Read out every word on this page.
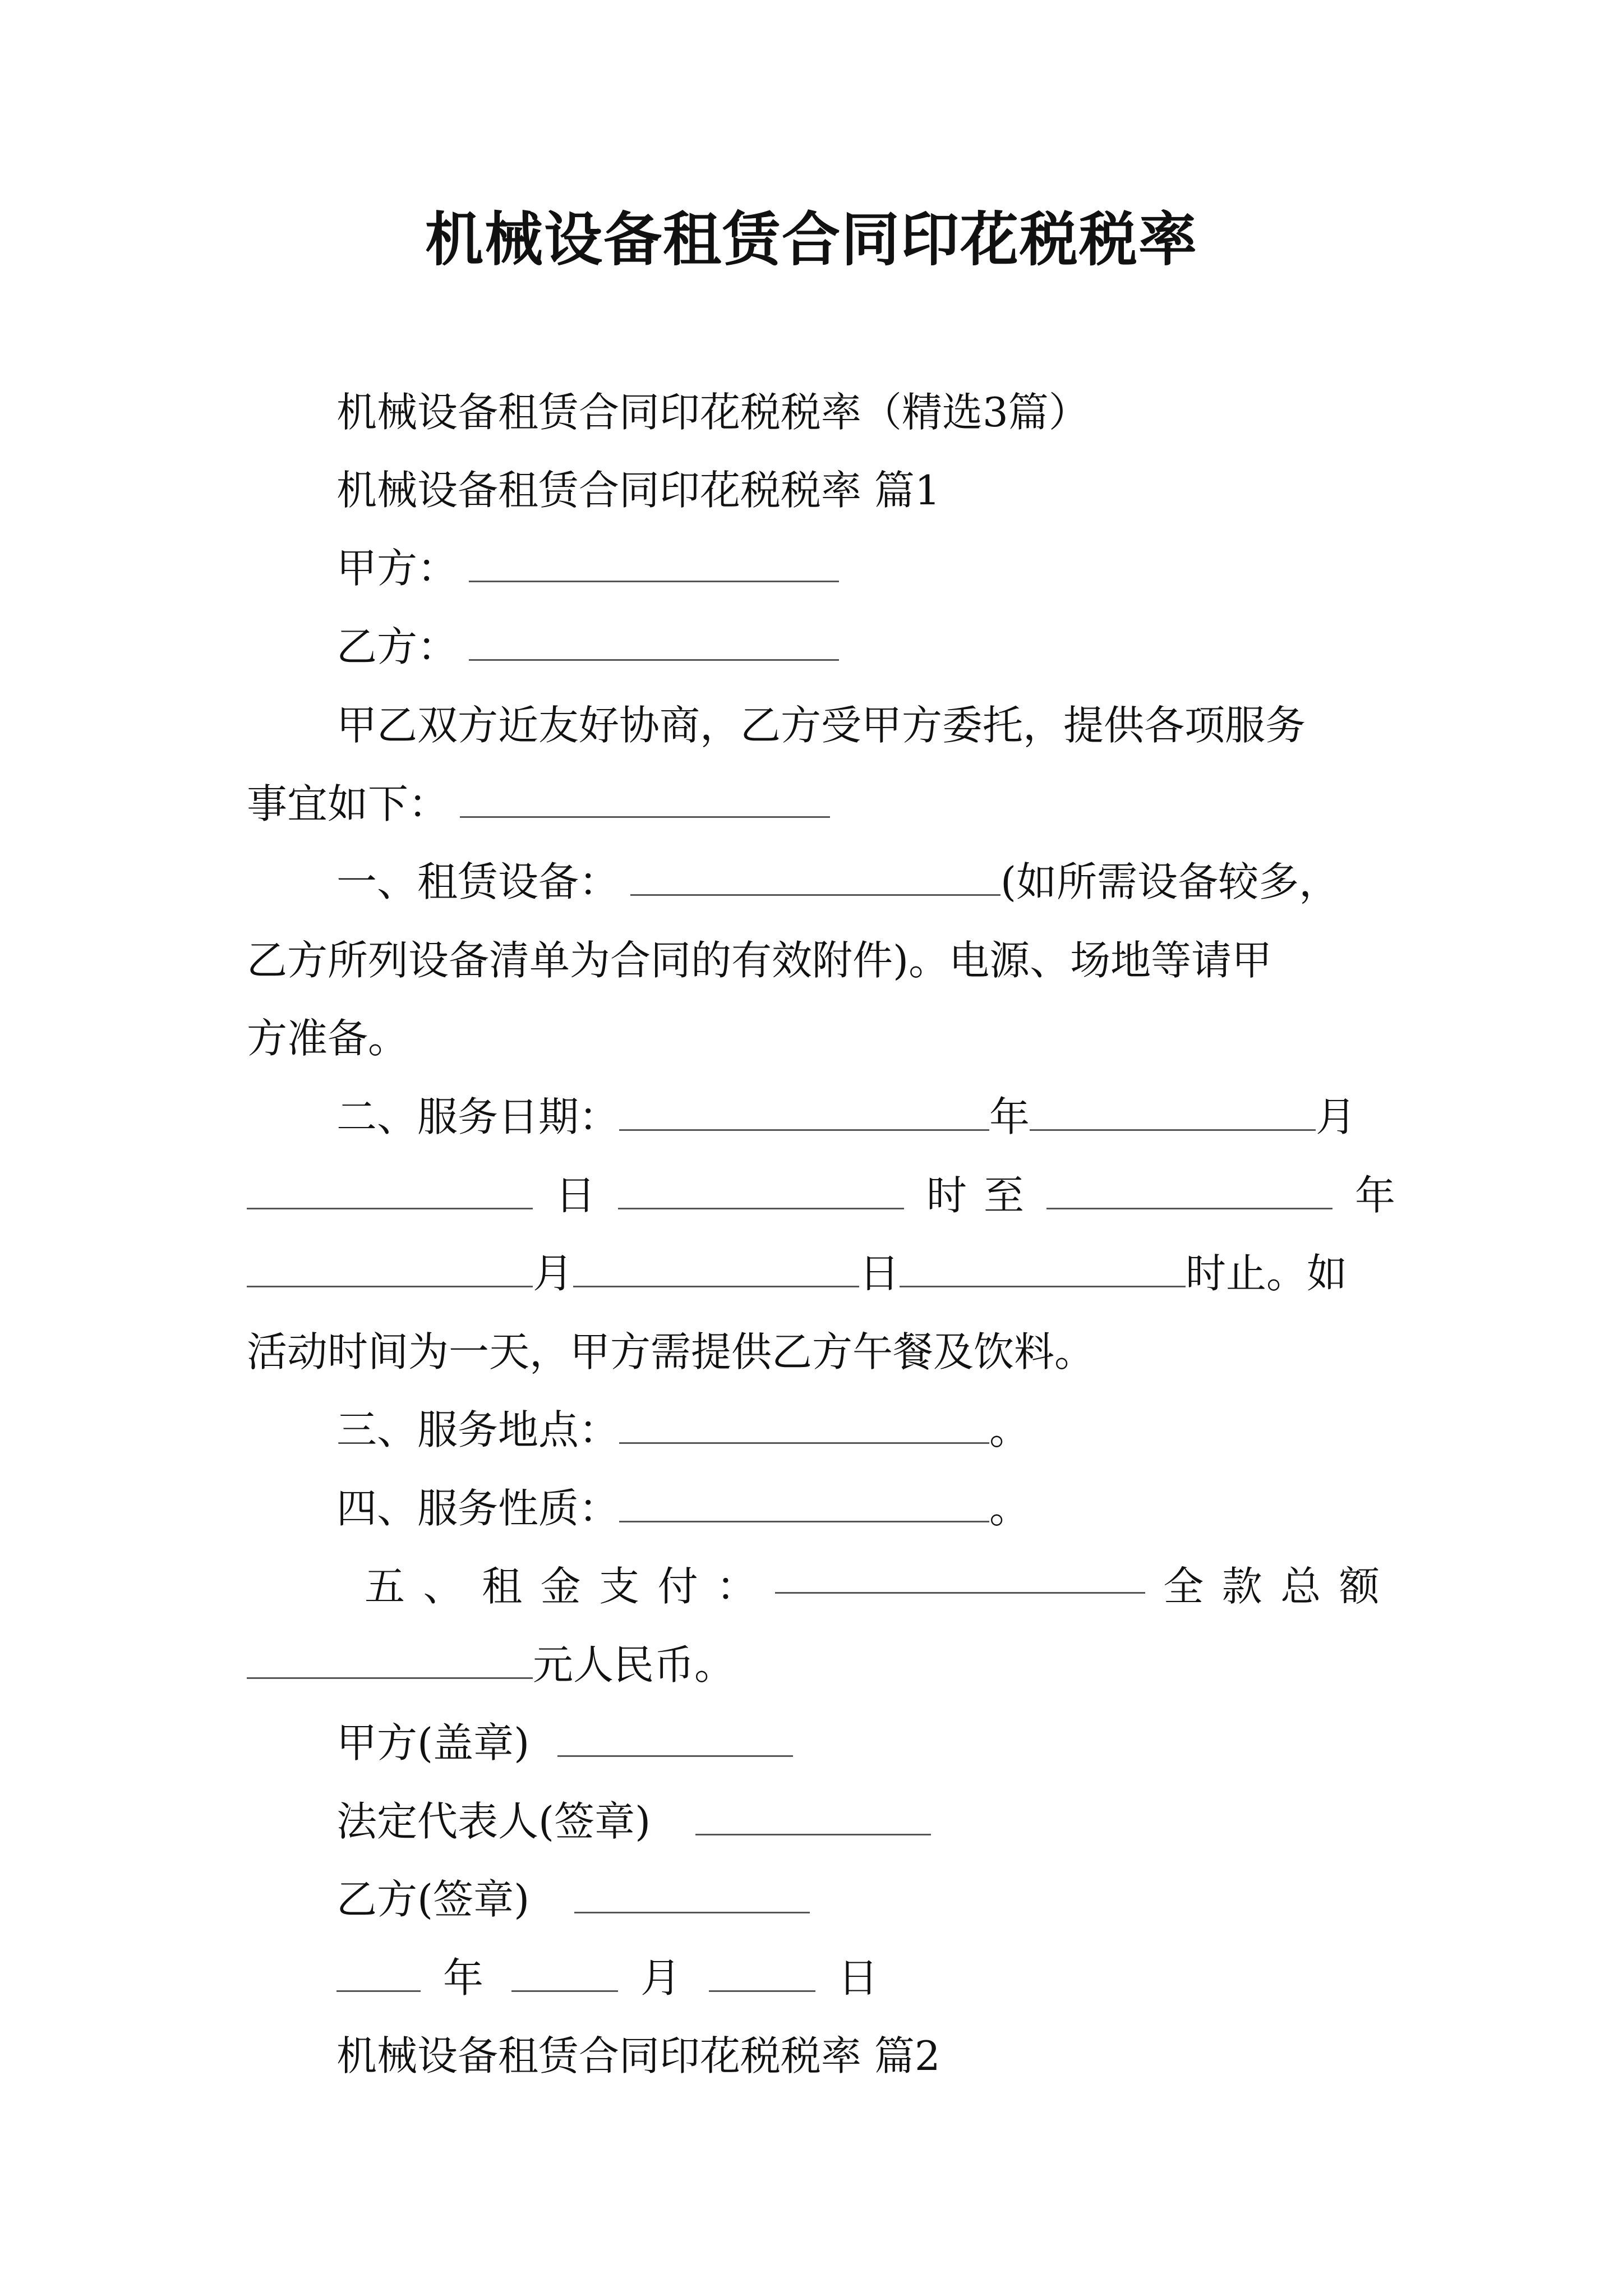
机械设备租赁合同印花税税率
机械设备租赁合同印花税税率（精选3篇）
机械设备租赁合同印花税税率 篇1
甲方：
乙方：
甲乙双方近友好协商，乙方受甲方委托，提供各项服务
事宜如下：
一、租赁设备：	(如所需设备较多，
乙方所列设备清单为合同的有效附件)。电源、场地等请甲
方准备。
二、服务日期：	年	月
日	时 至	年
月	日	时止。如
活动时间为一天，甲方需提供乙方午餐及饮料。
三、服务地点：	。
四、服务性质：	。
五 、 租 金 支 付 ：	全 款 总 额
元人民币。
甲方(盖章)
法定代表人(签章)
乙方(签章)
年	月	日
机械设备租赁合同印花税税率 篇2
